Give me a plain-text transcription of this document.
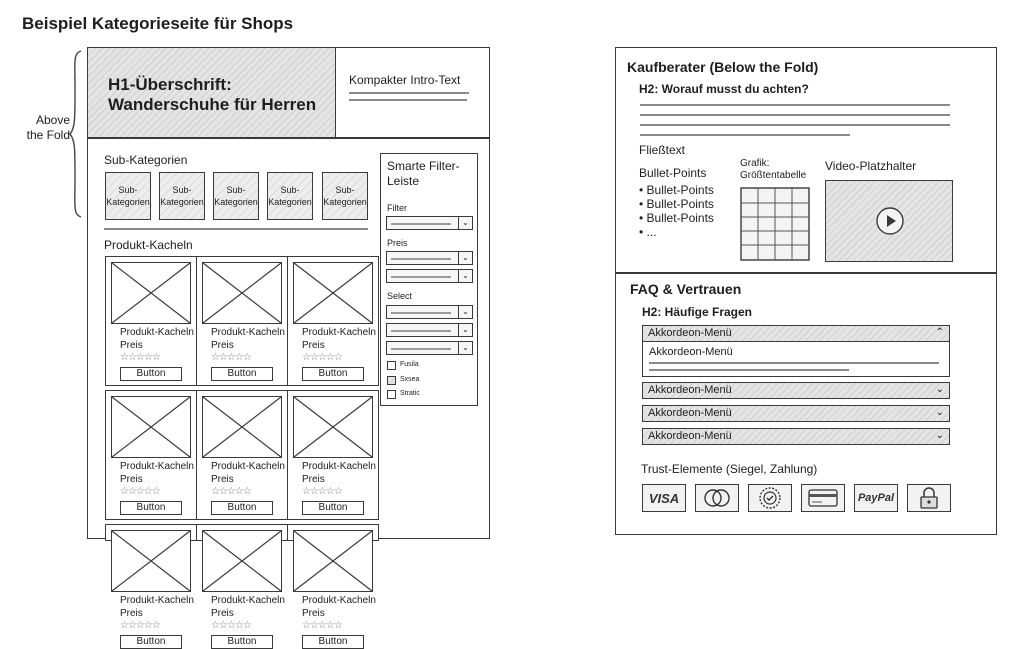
Beispiel Kategorieseite für Shops
Above the Fold
H1-Überschrift: Wanderschuhe für Herren
Kompakter Intro-Text
Sub-Kategorien
Sub-Kategorien
Sub-Kategorien
Sub-Kategorien
Sub-Kategorien
Sub-Kategorien
Produkt-Kacheln
Produkt-Kacheln
Preis
☆☆☆☆☆
Button
Produkt-Kacheln
Preis
☆☆☆☆☆
Button
Produkt-Kacheln
Preis
☆☆☆☆☆
Button
Produkt-Kacheln
Preis
☆☆☆☆☆
Button
Produkt-Kacheln
Preis
☆☆☆☆☆
Button
Produkt-Kacheln
Preis
☆☆☆☆☆
Button
Produkt-Kacheln
Preis
☆☆☆☆☆
Button
Produkt-Kacheln
Preis
☆☆☆☆☆
Button
Produkt-Kacheln
Preis
☆☆☆☆☆
Button
Smarte Filter-Leiste
Filter
⌄
Preis
⌄
⌄
Select
⌄
⌄
⌄
Fusila
Sxsea
Stratic
Kaufberater (Below the Fold)
H2: Worauf musst du achten?
Fließtext
Bullet-Points
• Bullet-Points
• Bullet-Points
• Bullet-Points
• ...
Grafik: Größtentabelle
Video-Platzhalter
FAQ & Vertrauen
H2: Häufige Fragen
Akkordeon-Menü	⌃
Akkordeon-Menü
Akkordeon-Menü	⌄
Akkordeon-Menü	⌄
Akkordeon-Menü	⌄
Trust-Elemente (Siegel, Zahlung)
VISA	PayPal
